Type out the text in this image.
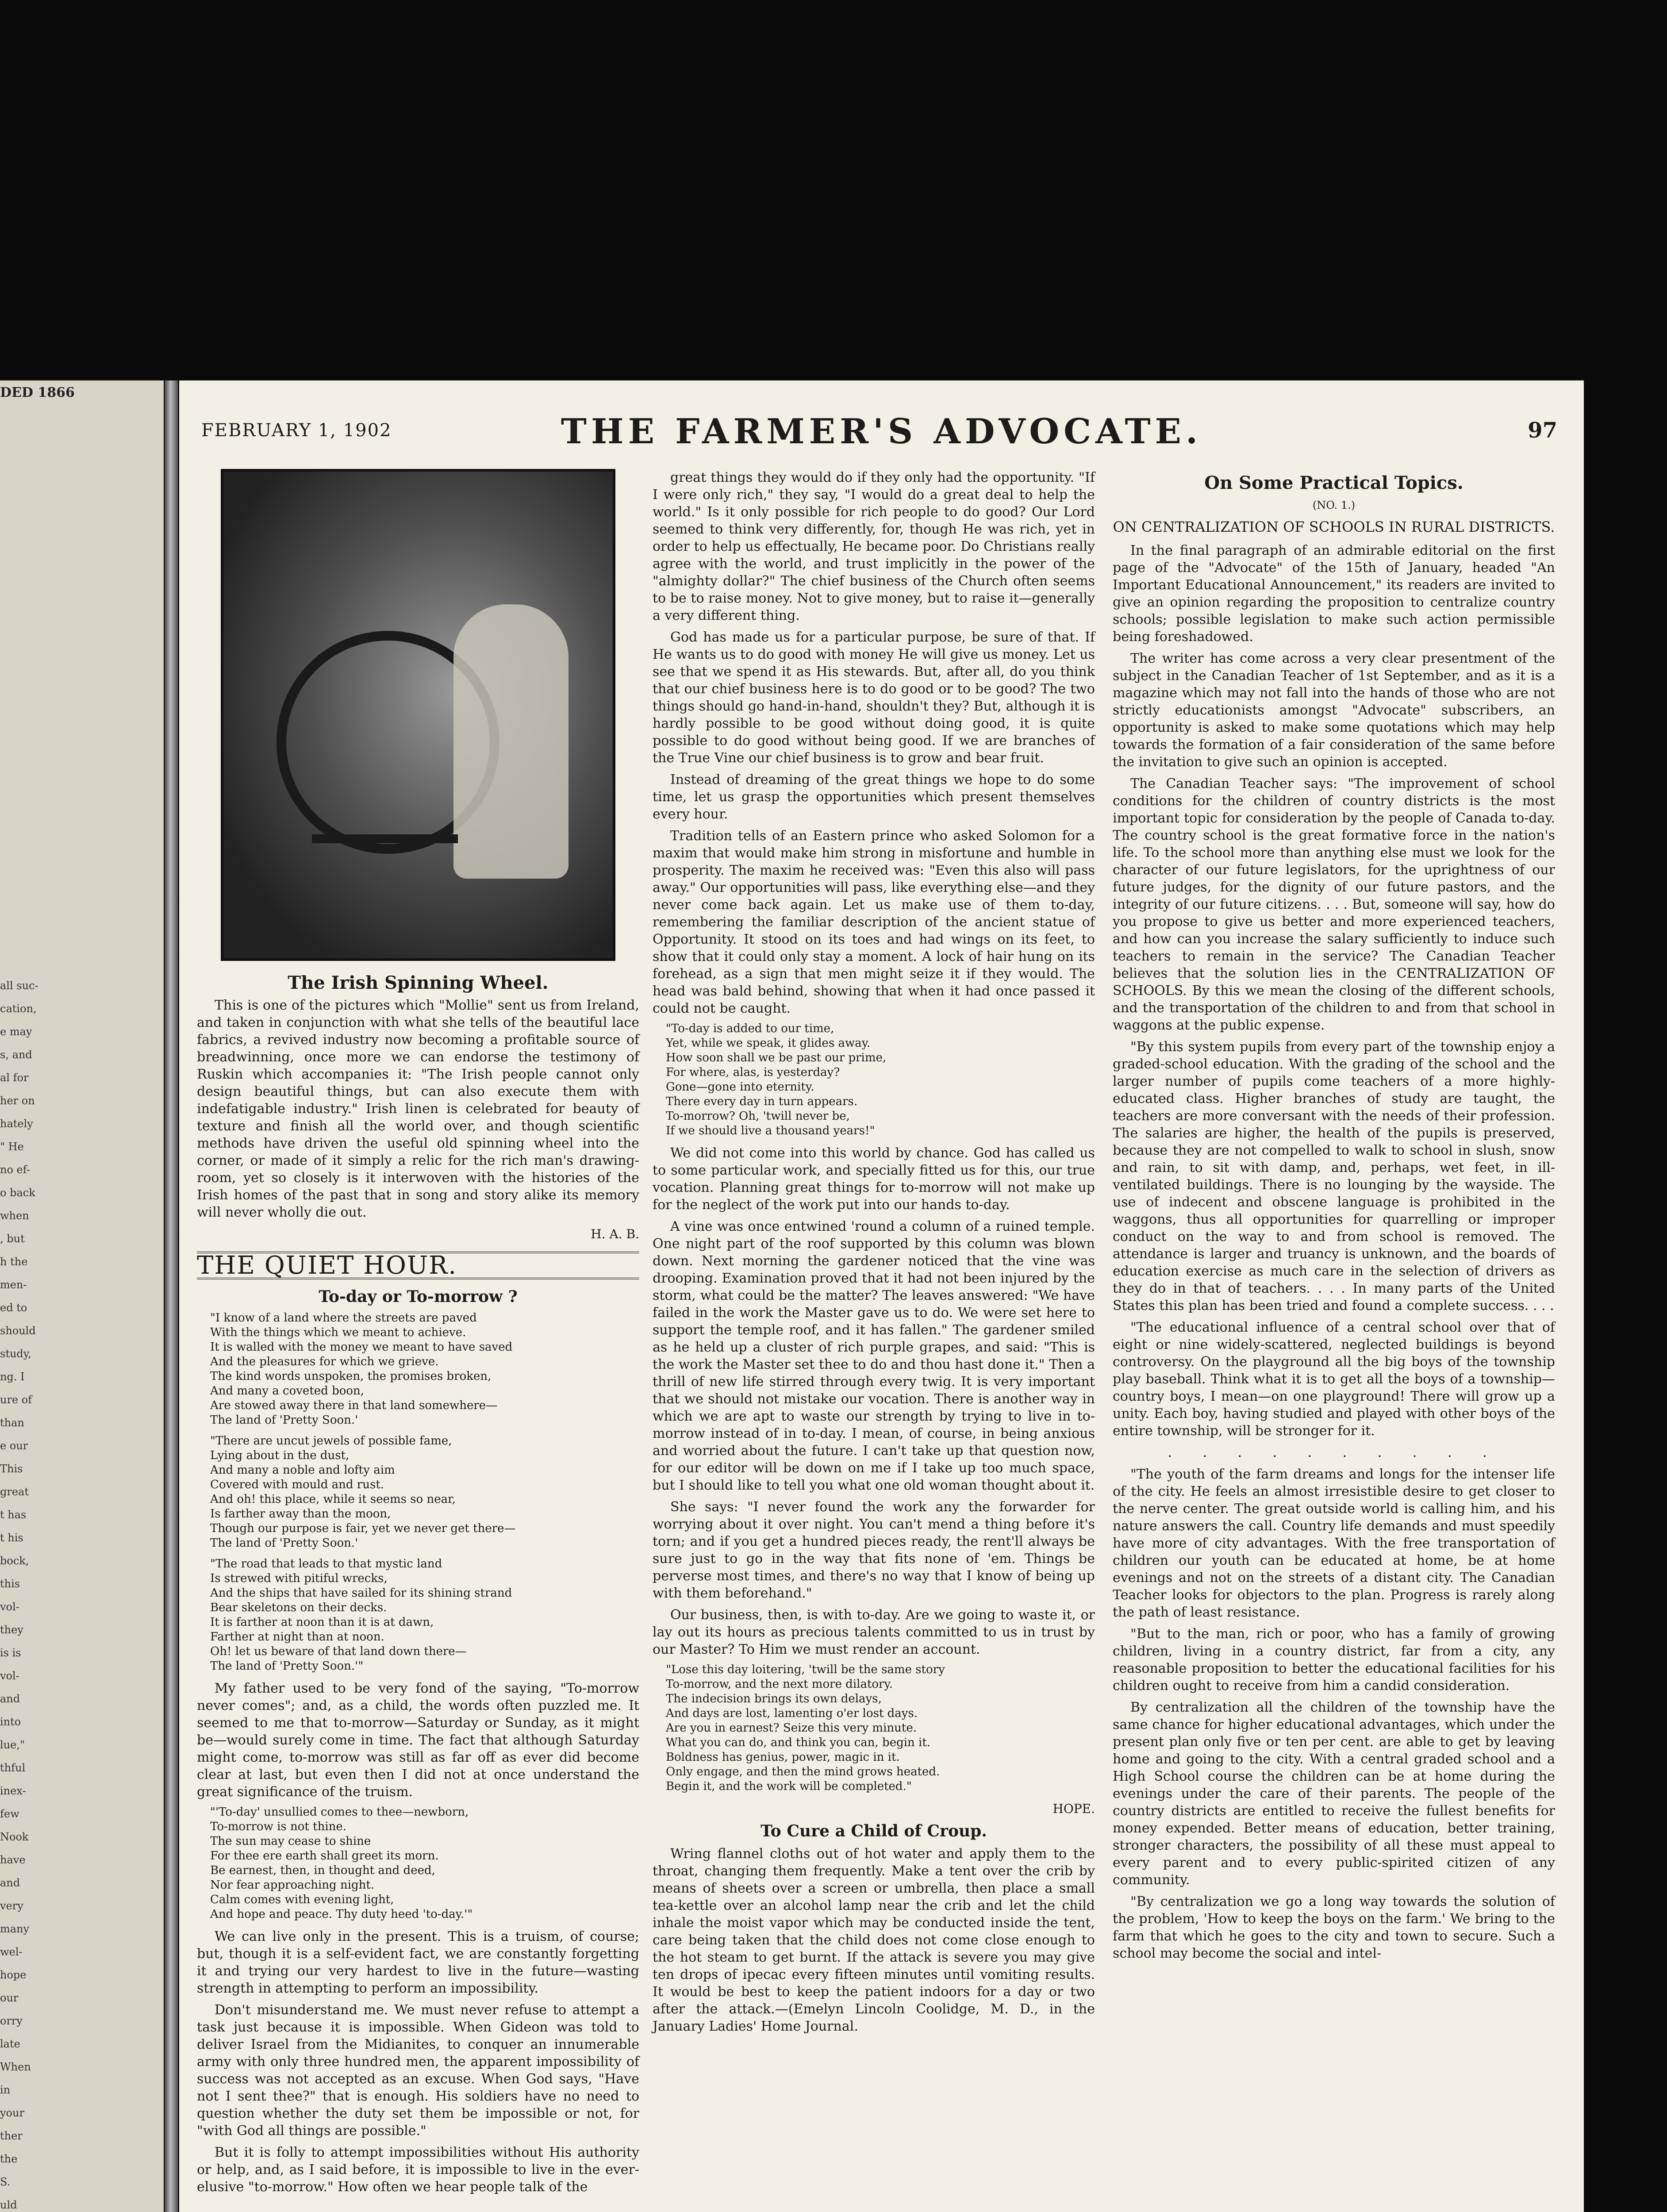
DED 1866
all suc-
cation,
e may
s, and
al for
her on
hately
" He
no ef-
o back
when
, but
h the
men-
ed to
should
study,
ng. I
ure of
than
e our
This
great
t has
t his
bock,
this
vol-
they
is is
vol-
and
into
lue,"
thful
inex-
few
Nook
have
and
very
many
wel-
hope
our
orry
late
When
in
your
ther
the
S.
uld
FEBRUARY 1, 1902	THE FARMER'S ADVOCATE.	97
The Irish Spinning Wheel.

This is one of the pictures which "Mollie" sent us from Ireland, and taken in conjunction with what she tells of the beautiful lace fabrics, a revived industry now becoming a profitable source of breadwinning, once more we can endorse the testimony of Ruskin which accompanies it: "The Irish people cannot only design beautiful things, but can also execute them with indefatigable industry." Irish linen is celebrated for beauty of texture and finish all the world over, and though scientific methods have driven the useful old spinning wheel into the corner, or made of it simply a relic for the rich man's drawing-room, yet so closely is it interwoven with the histories of the Irish homes of the past that in song and story alike its memory will never wholly die out.

H. A. B.
THE QUIET HOUR.
To-day or To-morrow ?
"I know of a land where the streets are paved
With the things which we meant to achieve.
It is walled with the money we meant to have saved
And the pleasures for which we grieve.
The kind words unspoken, the promises broken,
And many a coveted boon,
Are stowed away there in that land somewhere—
The land of 'Pretty Soon.'
"There are uncut jewels of possible fame,
Lying about in the dust,
And many a noble and lofty aim
Covered with mould and rust.
And oh! this place, while it seems so near,
Is farther away than the moon,
Though our purpose is fair, yet we never get there—
The land of 'Pretty Soon.'
"The road that leads to that mystic land
Is strewed with pitiful wrecks,
And the ships that have sailed for its shining strand
Bear skeletons on their decks.
It is farther at noon than it is at dawn,
Farther at night than at noon.
Oh! let us beware of that land down there—
The land of 'Pretty Soon.'"

My father used to be very fond of the saying, "To-morrow never comes"; and, as a child, the words often puzzled me. It seemed to me that to-morrow—Saturday or Sunday, as it might be—would surely come in time. The fact that although Saturday might come, to-morrow was still as far off as ever did become clear at last, but even then I did not at once understand the great significance of the truism.

"'To-day' unsullied comes to thee—newborn,
To-morrow is not thine.
The sun may cease to shine
For thee ere earth shall greet its morn.
Be earnest, then, in thought and deed,
Nor fear approaching night.
Calm comes with evening light,
And hope and peace. Thy duty heed 'to-day.'"

We can live only in the present. This is a truism, of course; but, though it is a self-evident fact, we are constantly forgetting it and trying our very hardest to live in the future—wasting strength in attempting to perform an impossibility.

Don't misunderstand me. We must never refuse to attempt a task just because it is impossible. When Gideon was told to deliver Israel from the Midianites, to conquer an innumerable army with only three hundred men, the apparent impossibility of success was not accepted as an excuse. When God says, "Have not I sent thee?" that is enough. His soldiers have no need to question whether the duty set them be impossible or not, for "with God all things are possible."

But it is folly to attempt impossibilities without His authority or help, and, as I said before, it is impossible to live in the ever-elusive "to-morrow." How often we hear people talk of the

great things they would do if they only had the opportunity. "If I were only rich," they say, "I would do a great deal to help the world." Is it only possible for rich people to do good? Our Lord seemed to think very differently, for, though He was rich, yet in order to help us effectually, He became poor. Do Christians really agree with the world, and trust implicitly in the power of the "almighty dollar?" The chief business of the Church often seems to be to raise money. Not to give money, but to raise it—generally a very different thing.

God has made us for a particular purpose, be sure of that. If He wants us to do good with money He will give us money. Let us see that we spend it as His stewards. But, after all, do you think that our chief business here is to do good or to be good? The two things should go hand-in-hand, shouldn't they? But, although it is hardly possible to be good without doing good, it is quite possible to do good without being good. If we are branches of the True Vine our chief business is to grow and bear fruit.

Instead of dreaming of the great things we hope to do some time, let us grasp the opportunities which present themselves every hour.

Tradition tells of an Eastern prince who asked Solomon for a maxim that would make him strong in misfortune and humble in prosperity. The maxim he received was: "Even this also will pass away." Our opportunities will pass, like everything else—and they never come back again. Let us make use of them to-day, remembering the familiar description of the ancient statue of Opportunity. It stood on its toes and had wings on its feet, to show that it could only stay a moment. A lock of hair hung on its forehead, as a sign that men might seize it if they would. The head was bald behind, showing that when it had once passed it could not be caught.

"To-day is added to our time,
Yet, while we speak, it glides away.
How soon shall we be past our prime,
For where, alas, is yesterday?
Gone—gone into eternity.
There every day in turn appears.
To-morrow? Oh, 'twill never be,
If we should live a thousand years!"

We did not come into this world by chance. God has called us to some particular work, and specially fitted us for this, our true vocation. Planning great things for to-morrow will not make up for the neglect of the work put into our hands to-day.

A vine was once entwined 'round a column of a ruined temple. One night part of the roof supported by this column was blown down. Next morning the gardener noticed that the vine was drooping. Examination proved that it had not been injured by the storm, what could be the matter? The leaves answered: "We have failed in the work the Master gave us to do. We were set here to support the temple roof, and it has fallen." The gardener smiled as he held up a cluster of rich purple grapes, and said: "This is the work the Master set thee to do and thou hast done it." Then a thrill of new life stirred through every twig. It is very important that we should not mistake our vocation. There is another way in which we are apt to waste our strength by trying to live in to-morrow instead of in to-day. I mean, of course, in being anxious and worried about the future. I can't take up that question now, for our editor will be down on me if I take up too much space, but I should like to tell you what one old woman thought about it.

She says: "I never found the work any the forwarder for worrying about it over night. You can't mend a thing before it's torn; and if you get a hundred pieces ready, the rent'll always be sure just to go in the way that fits none of 'em. Things be perverse most times, and there's no way that I know of being up with them beforehand."

Our business, then, is with to-day. Are we going to waste it, or lay out its hours as precious talents committed to us in trust by our Master? To Him we must render an account.

"Lose this day loitering, 'twill be the same story
To-morrow, and the next more dilatory.
The indecision brings its own delays,
And days are lost, lamenting o'er lost days.
Are you in earnest? Seize this very minute.
What you can do, and think you can, begin it.
Boldness has genius, power, magic in it.
Only engage, and then the mind grows heated.
Begin it, and the work will be completed."
HOPE.
To Cure a Child of Croup.

Wring flannel cloths out of hot water and apply them to the throat, changing them frequently. Make a tent over the crib by means of sheets over a screen or umbrella, then place a small tea-kettle over an alcohol lamp near the crib and let the child inhale the moist vapor which may be conducted inside the tent, care being taken that the child does not come close enough to the hot steam to get burnt. If the attack is severe you may give ten drops of ipecac every fifteen minutes until vomiting results. It would be best to keep the patient indoors for a day or two after the attack.—(Emelyn Lincoln Coolidge, M. D., in the January Ladies' Home Journal.

On Some Practical Topics.
(NO. 1.)
ON CENTRALIZATION OF SCHOOLS IN RURAL DISTRICTS.

In the final paragraph of an admirable editorial on the first page of the "Advocate" of the 15th of January, headed "An Important Educational Announcement," its readers are invited to give an opinion regarding the proposition to centralize country schools; possible legislation to make such action permissible being foreshadowed.

The writer has come across a very clear presentment of the subject in the Canadian Teacher of 1st September, and as it is a magazine which may not fall into the hands of those who are not strictly educationists amongst "Advocate" subscribers, an opportunity is asked to make some quotations which may help towards the formation of a fair consideration of the same before the invitation to give such an opinion is accepted.

The Canadian Teacher says: "The improvement of school conditions for the children of country districts is the most important topic for consideration by the people of Canada to-day. The country school is the great formative force in the nation's life. To the school more than anything else must we look for the character of our future legislators, for the uprightness of our future judges, for the dignity of our future pastors, and the integrity of our future citizens. . . . But, someone will say, how do you propose to give us better and more experienced teachers, and how can you increase the salary sufficiently to induce such teachers to remain in the service? The Canadian Teacher believes that the solution lies in the CENTRALIZATION OF SCHOOLS. By this we mean the closing of the different schools, and the transportation of the children to and from that school in waggons at the public expense.

"By this system pupils from every part of the township enjoy a graded-school education. With the grading of the school and the larger number of pupils come teachers of a more highly-educated class. Higher branches of study are taught, the teachers are more conversant with the needs of their profession. The salaries are higher, the health of the pupils is preserved, because they are not compelled to walk to school in slush, snow and rain, to sit with damp, and, perhaps, wet feet, in ill-ventilated buildings. There is no lounging by the wayside. The use of indecent and obscene language is prohibited in the waggons, thus all opportunities for quarrelling or improper conduct on the way to and from school is removed. The attendance is larger and truancy is unknown, and the boards of education exercise as much care in the selection of drivers as they do in that of teachers. . . . In many parts of the United States this plan has been tried and found a complete success. . . .

"The educational influence of a central school over that of eight or nine widely-scattered, neglected buildings is beyond controversy. On the playground all the big boys of the township play baseball. Think what it is to get all the boys of a township—country boys, I mean—on one playground! There will grow up a unity. Each boy, having studied and played with other boys of the entire township, will be stronger for it.

. . . . . . . . . .

"The youth of the farm dreams and longs for the intenser life of the city. He feels an almost irresistible desire to get closer to the nerve center. The great outside world is calling him, and his nature answers the call. Country life demands and must speedily have more of city advantages. With the free transportation of children our youth can be educated at home, be at home evenings and not on the streets of a distant city. The Canadian Teacher looks for objectors to the plan. Progress is rarely along the path of least resistance.

"But to the man, rich or poor, who has a family of growing children, living in a country district, far from a city, any reasonable proposition to better the educational facilities for his children ought to receive from him a candid consideration.

By centralization all the children of the township have the same chance for higher educational advantages, which under the present plan only five or ten per cent. are able to get by leaving home and going to the city. With a central graded school and a High School course the children can be at home during the evenings under the care of their parents. The people of the country districts are entitled to receive the fullest benefits for money expended. Better means of education, better training, stronger characters, the possibility of all these must appeal to every parent and to every public-spirited citizen of any community.

"By centralization we go a long way towards the solution of the problem, 'How to keep the boys on the farm.' We bring to the farm that which he goes to the city and town to secure. Such a school may become the social and intel-
